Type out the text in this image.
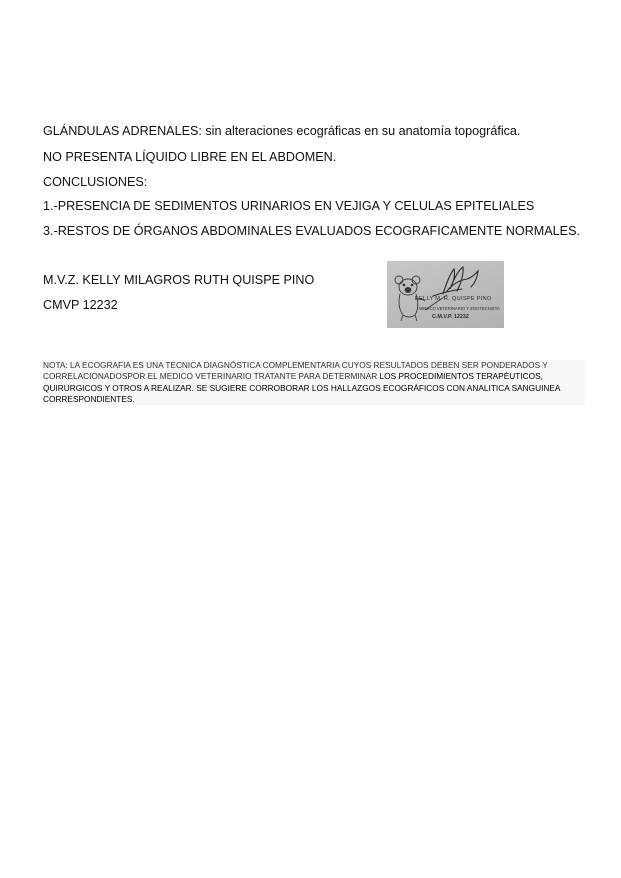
GLÁNDULAS ADRENALES: sin alteraciones ecográficas en su anatomía topográfica.
NO PRESENTA LÍQUIDO LIBRE EN EL ABDOMEN.
CONCLUSIONES:
1.-PRESENCIA DE SEDIMENTOS URINARIOS EN VEJIGA Y CELULAS EPITELIALES
3.-RESTOS DE ÓRGANOS ABDOMINALES EVALUADOS ECOGRAFICAMENTE NORMALES.
M.V.Z. KELLY MILAGROS RUTH QUISPE PINO
CMVP 12232	KELLY M. R. QUISPE PINO
MEDICO VETERINARIO Y ZOOTECNISTA
C.M.V.P. 12232
NOTA: LA ECOGRAFIA ES UNA TECNICA DIAGNÓSTICA COMPLEMENTARIA CUYOS RESULTADOS DEBEN SER PONDERADOS Y CORRELACIONADOSPOR EL MEDICO VETERINARIO TRATANTE PARA DETERMINAR LOS PROCEDIMIENTOS TERAPÉUTICOS, QUIRURGICOS Y OTROS A REALIZAR. SE SUGIERE CORROBORAR LOS HALLAZGOS ECOGRÁFICOS CON ANALITICA SANGUINEA CORRESPONDIENTES.
